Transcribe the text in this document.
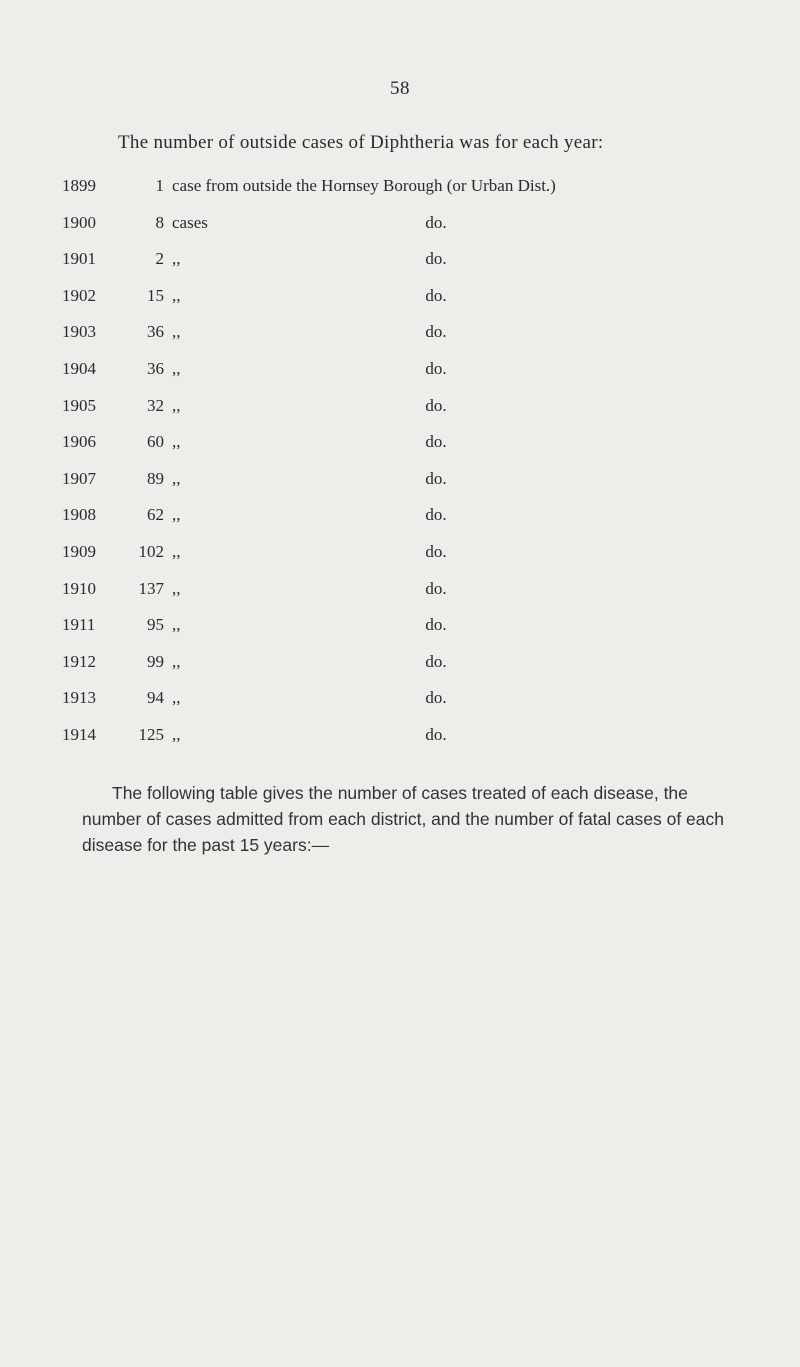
58
The number of outside cases of Diphtheria was for each year:
1899	1 case from outside the Hornsey Borough (or Urban Dist.)
1900	8 cases	do.
1901	2 ,,	do.
1902	15 ,,	do.
1903	36 ,,	do.
1904	36 ,,	do.
1905	32 ,,	do.
1906	60 ,,	do.
1907	89 ,,	do.
1908	62 ,,	do.
1909	102 ,,	do.
1910	137 ,,	do.
1911	95 ,,	do.
1912	99 ,,	do.
1913	94 ,,	do.
1914	125 ,,	do.
The following table gives the number of cases treated of each disease, the number of cases admitted from each district, and the number of fatal cases of each disease for the past 15 years:—
